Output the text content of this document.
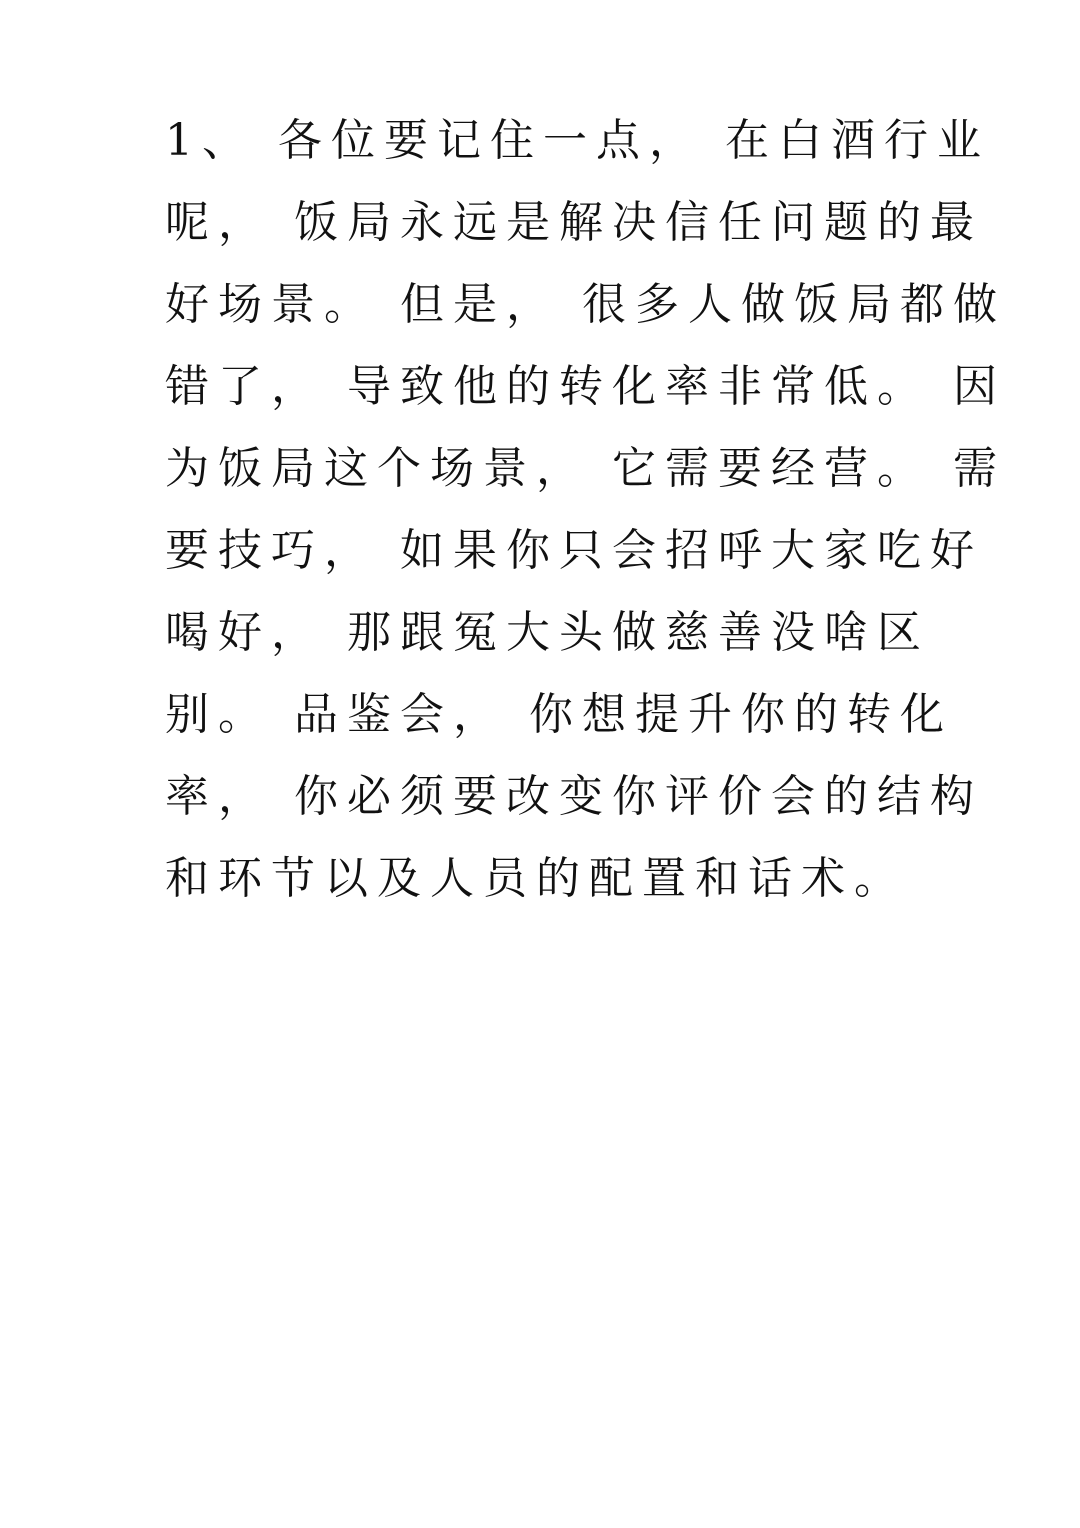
1、 各位要记住一点， 在白酒行业
呢， 饭局永远是解决信任问题的最
好场景。 但是， 很多人做饭局都做
错了， 导致他的转化率非常低。 因
为饭局这个场景， 它需要经营。 需
要技巧， 如果你只会招呼大家吃好
喝好， 那跟冤大头做慈善没啥区
别。 品鉴会， 你想提升你的转化
率， 你必须要改变你评价会的结构
和环节以及人员的配置和话术。
